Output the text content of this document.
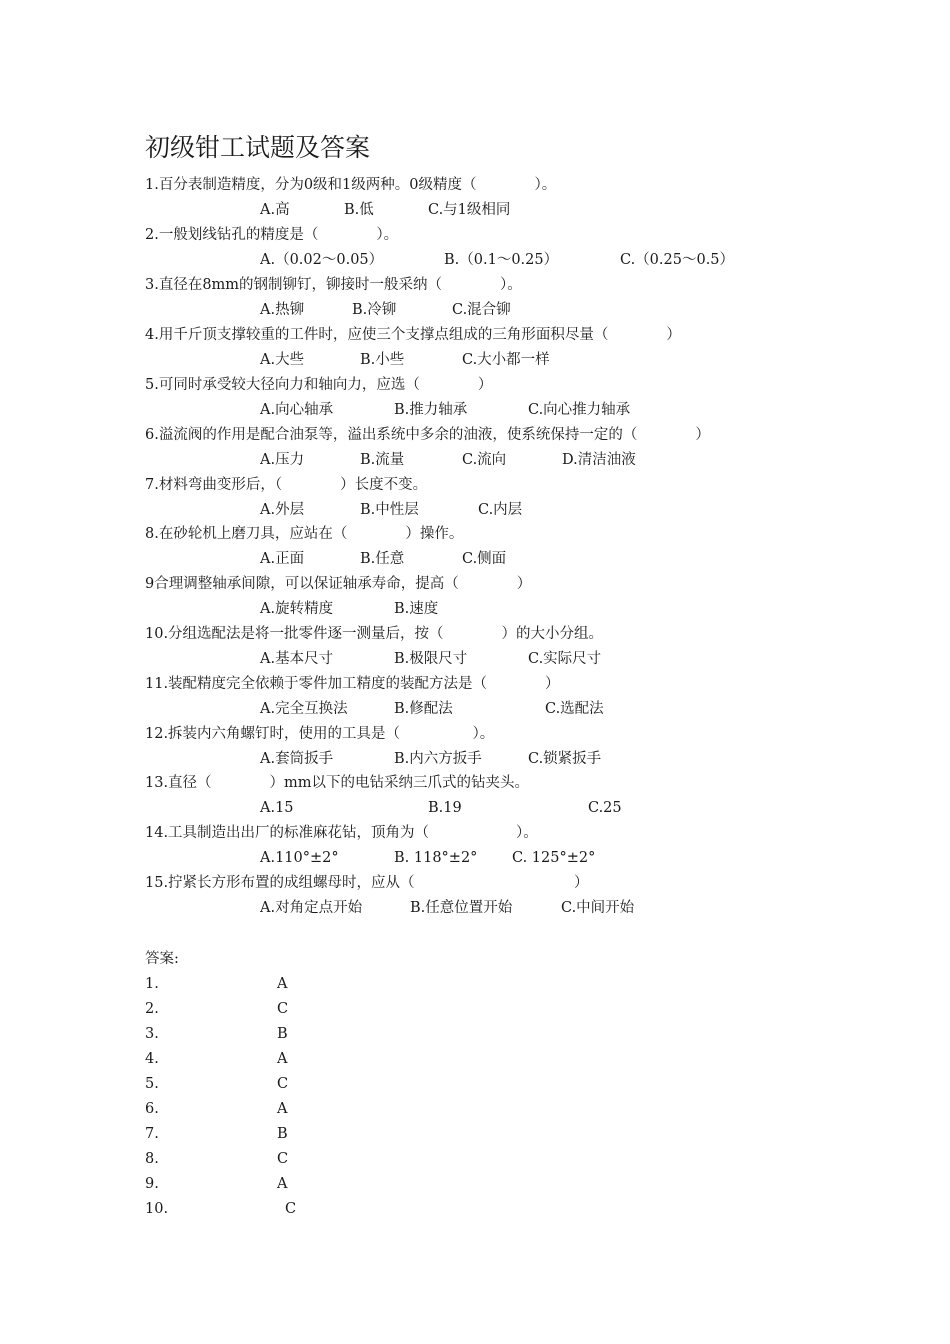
初级钳工试题及答案
1.百分表制造精度，分为0级和1级两种。0级精度（　　　　）。
A.高	B.低	C.与1级相同
2.一般划线钻孔的精度是（　　　　）。
A.（0.02～0.05）	B.（0.1～0.25）	C.（0.25～0.5）
3.直径在8mm的钢制铆钉，铆接时一般采纳（　　　　）。
A.热铆	B.冷铆	C.混合铆
4.用千斤顶支撑较重的工件时，应使三个支撑点组成的三角形面积尽量（　　　　）
A.大些	B.小些	C.大小都一样
5.可同时承受较大径向力和轴向力，应选（　　　　）
A.向心轴承	B.推力轴承	C.向心推力轴承
6.溢流阀的作用是配合油泵等，溢出系统中多余的油液，使系统保持一定的（　　　　）
A.压力	B.流量	C.流向	D.清洁油液
7.材料弯曲变形后，（　　　　）长度不变。
A.外层	B.中性层	C.内层
8.在砂轮机上磨刀具，应站在（　　　　）操作。
A.正面	B.任意	C.侧面
9合理调整轴承间隙，可以保证轴承寿命，提高（　　　　）
A.旋转精度	B.速度
10.分组选配法是将一批零件逐一测量后，按（　　　　）的大小分组。
A.基本尺寸	B.极限尺寸	C.实际尺寸
11.装配精度完全依赖于零件加工精度的装配方法是（　　　　）
A.完全互换法	B.修配法	C.选配法
12.拆装内六角螺钉时，使用的工具是（　　　　　）。
A.套筒扳手	B.内六方扳手	C.锁紧扳手
13.直径（　　　　）mm以下的电钻采纳三爪式的钻夹头。
A.15	B.19	C.25
14.工具制造出出厂的标准麻花钻，顶角为（　　　　　　）。
A.110°±2°	B. 118°±2° C. 125°±2°
15.拧紧长方形布置的成组螺母时，应从（　　　　　　　　　　　）
A.对角定点开始	B.任意位置开始	C.中间开始
答案:
1.	A
2.	C
3.	B
4.	A
5.	C
6.	A
7.	B
8.	C
9.	A
10.	C
